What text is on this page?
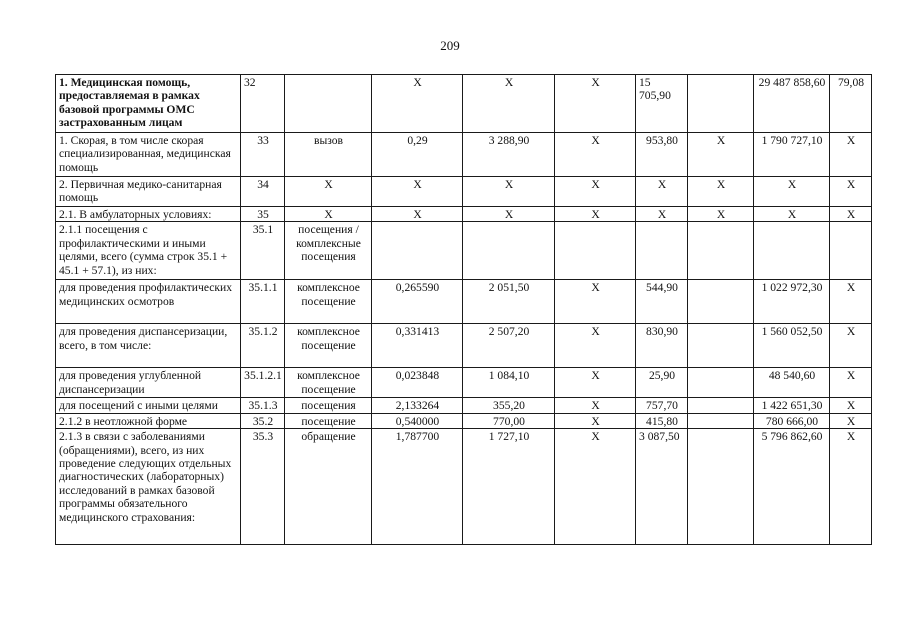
209
1. Медицинская помощь, предоставляемая в рамках базовой программы ОМС застрахованным лицам	32		X	X	X	15 705,90		29 487 858,60	79,08
1. Скорая, в том числе скорая специализированная, медицинская помощь	33	вызов	0,29	3 288,90	X	953,80	X	1 790 727,10	X
2. Первичная медико-санитарная помощь	34	X	X	X	X	X	X	X	X
2.1. В амбулаторных условиях:	35	X	X	X	X	X	X	X	X
2.1.1 посещения с профилактическими и иными целями, всего (сумма строк 35.1 + 45.1 + 57.1), из них:	35.1	посещения / комплексные посещения							
для проведения профилактических медицинских осмотров	35.1.1	комплексное посещение	0,265590	2 051,50	X	544,90		1 022 972,30	X
для проведения диспансеризации, всего, в том числе:	35.1.2	комплексное посещение	0,331413	2 507,20	X	830,90		1 560 052,50	X
для проведения углубленной диспансеризации	35.1.2.1	комплексное посещение	0,023848	1 084,10	X	25,90		48 540,60	X
для посещений с иными целями	35.1.3	посещения	2,133264	355,20	X	757,70		1 422 651,30	X
2.1.2 в неотложной форме	35.2	посещение	0,540000	770,00	X	415,80		780 666,00	X
2.1.3 в связи с заболеваниями (обращениями), всего, из них проведение следующих отдельных диагностических (лабораторных) исследований в рамках базовой программы обязательного медицинского страхования:	35.3	обращение	1,787700	1 727,10	X	3 087,50		5 796 862,60	X
